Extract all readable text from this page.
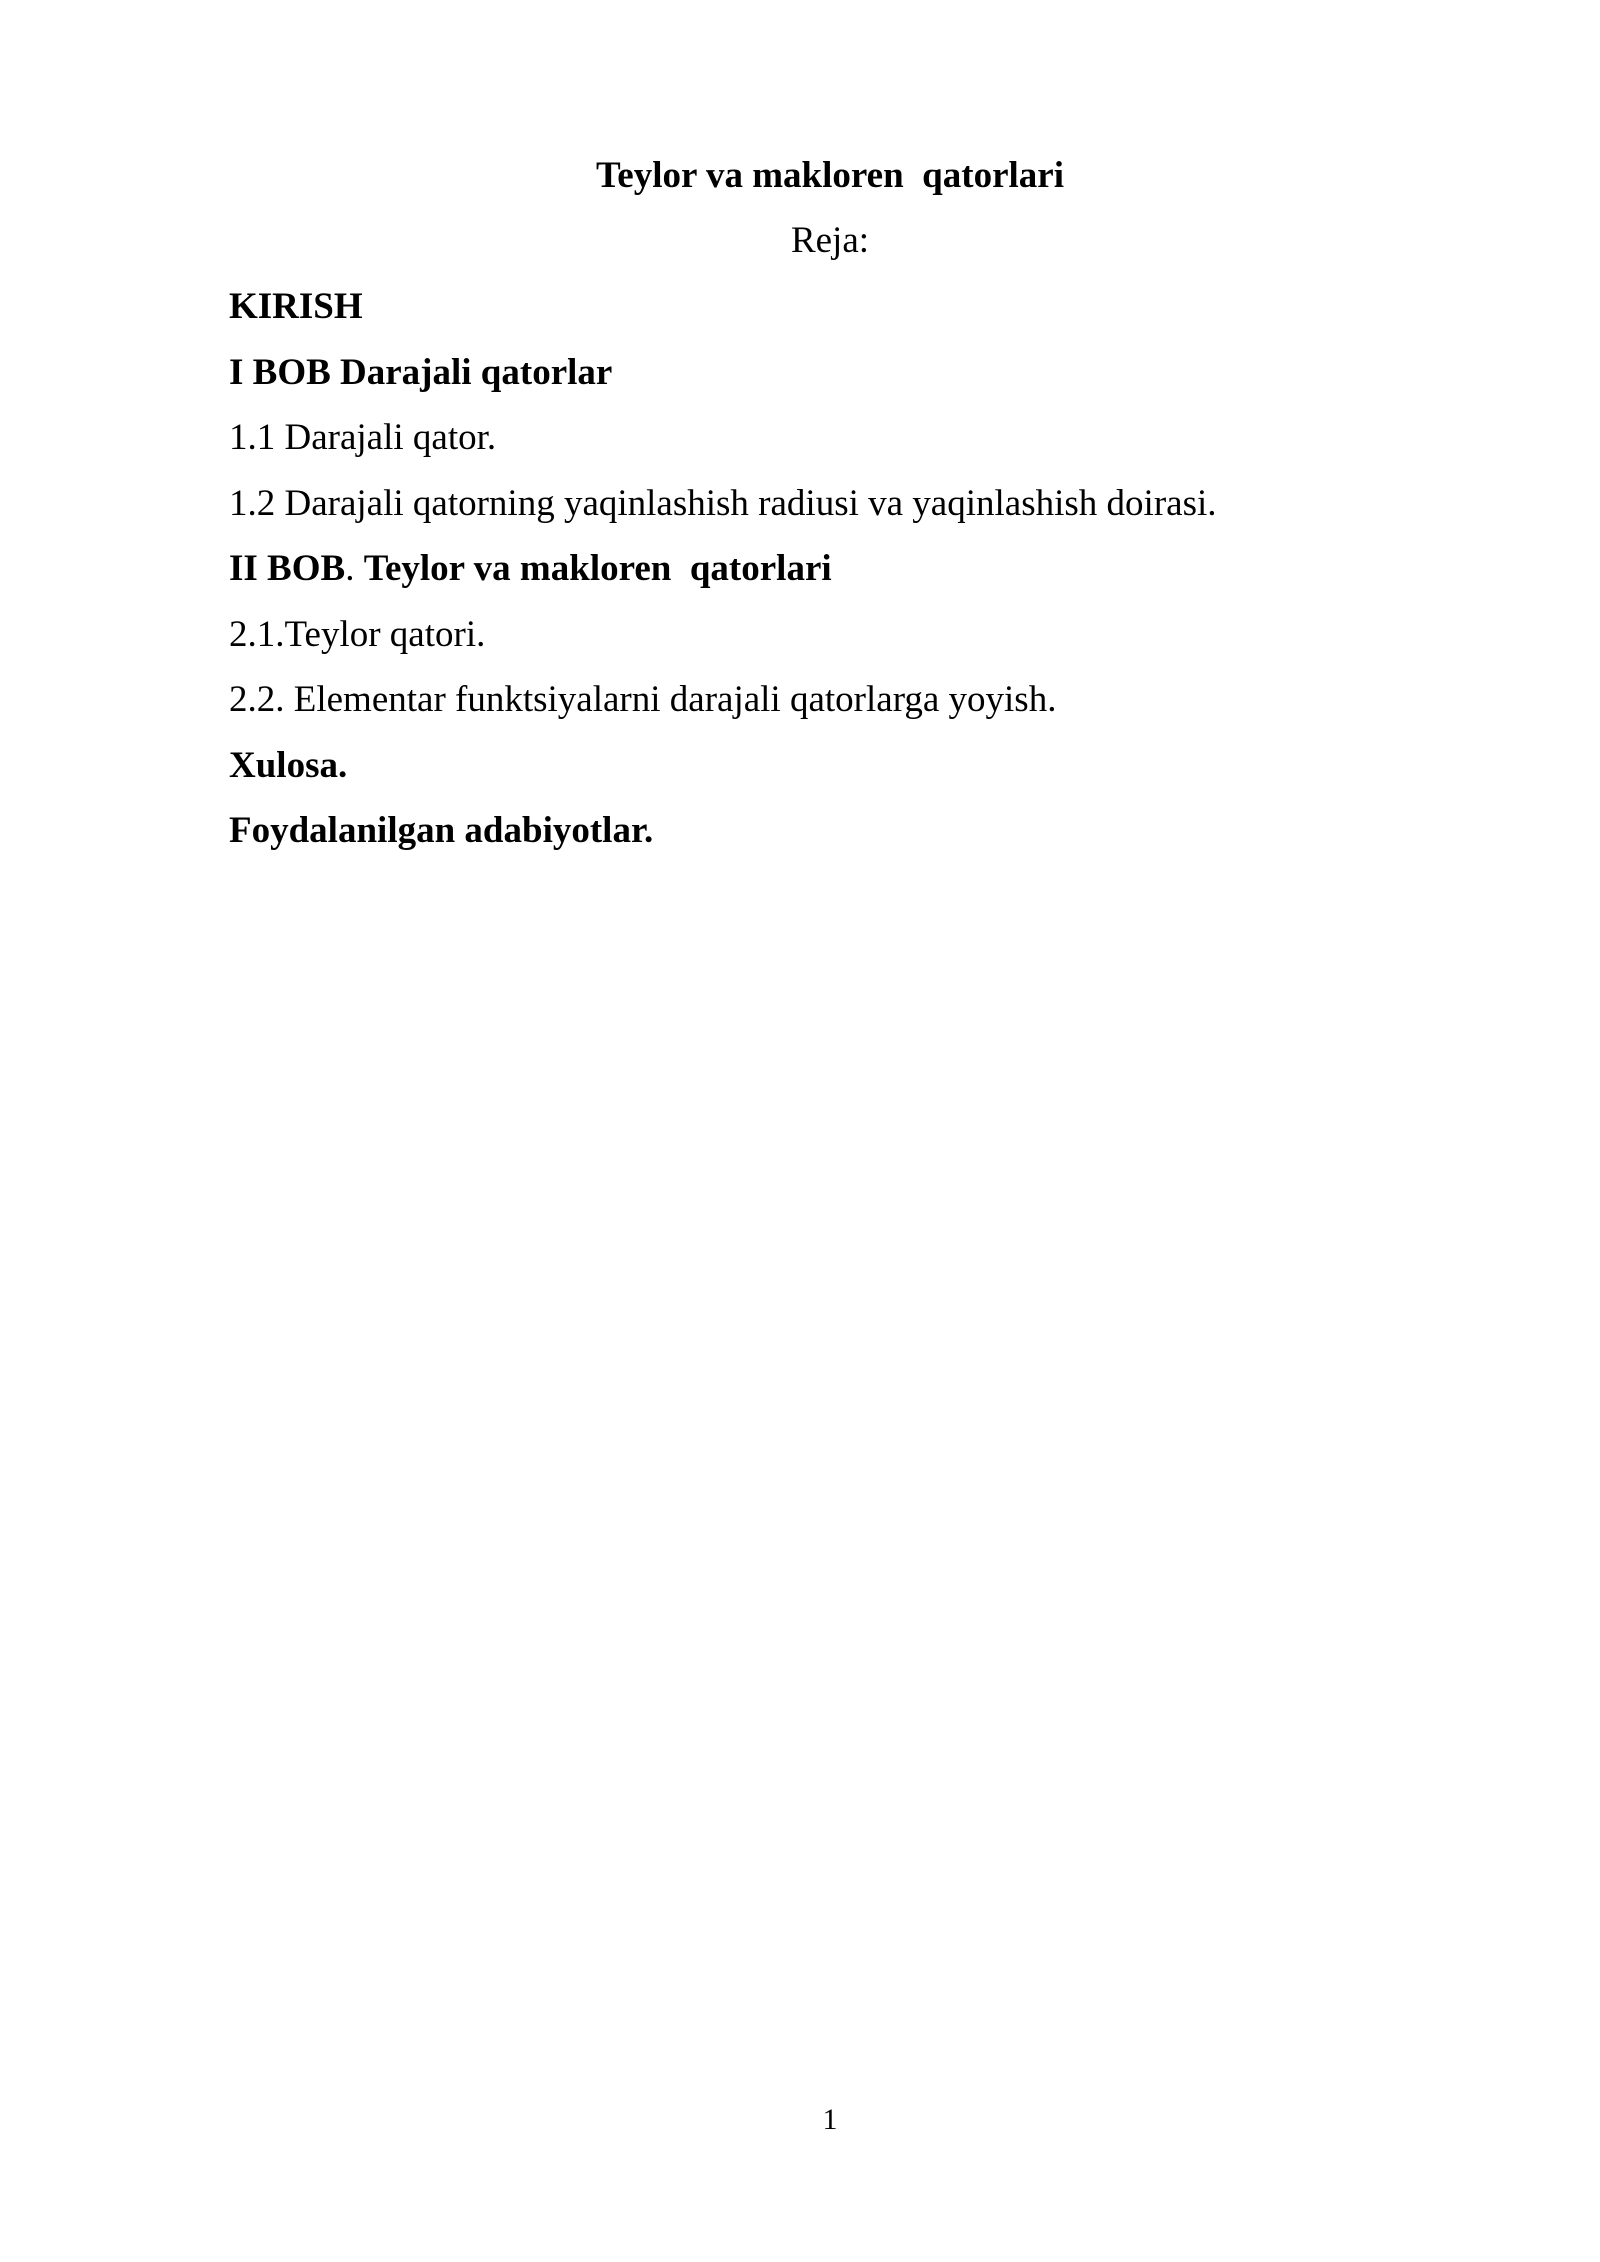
Teylor va makloren  qatorlari
Reja:
KIRISH
I BOB Darajali qatorlar
1.1 Darajali qator.
1.2 Darajali qatorning yaqinlashish radiusi va yaqinlashish doirasi.
II BOB. Teylor va makloren  qatorlari
2.1.Teylor qatori.
2.2. Elementar funktsiyalarni darajali qatorlarga yoyish.
Xulosa.
Foydalanilgan adabiyotlar.
1
